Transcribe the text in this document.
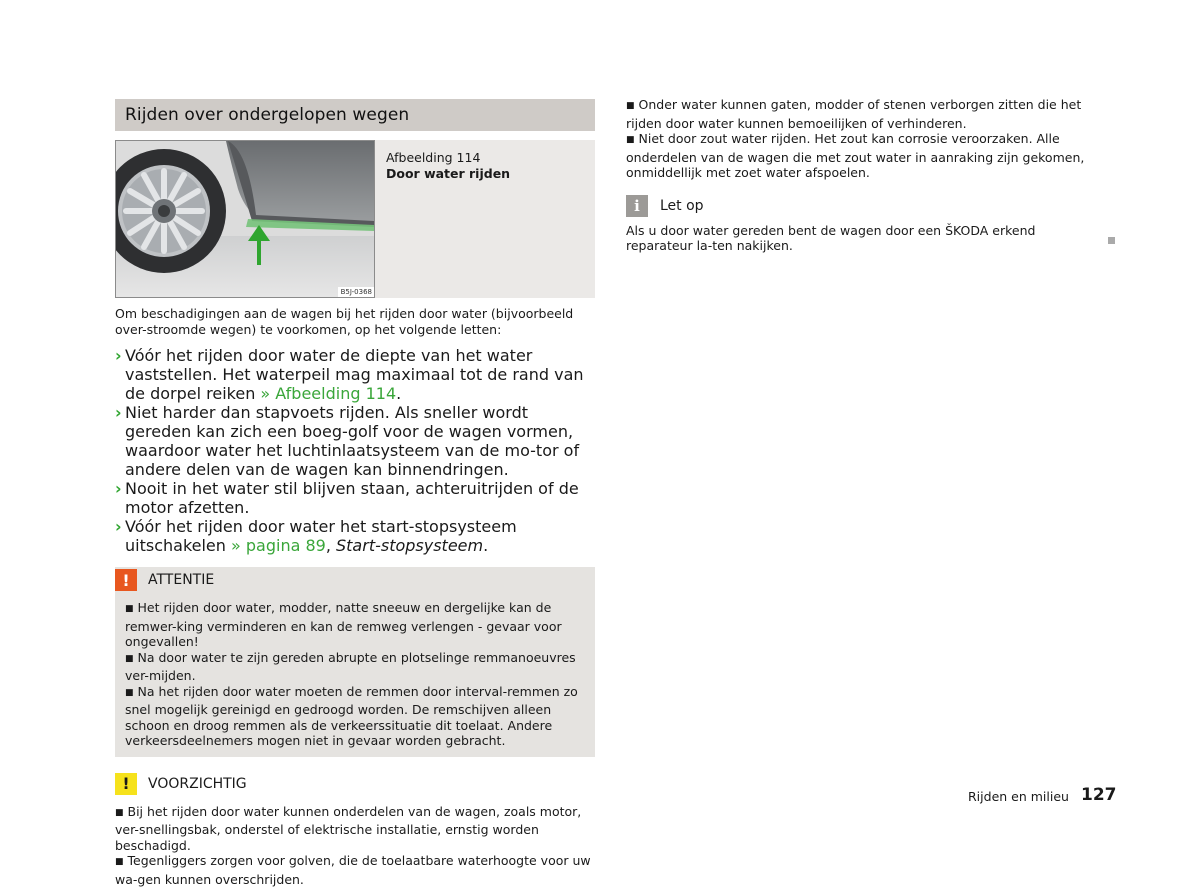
Rijden over ondergelopen wegen
B5J-0368
Afbeelding 114
Door water rijden

Om beschadigingen aan de wagen bij het rijden door water (bijvoorbeeld over-stroomde wegen) te voorkomen, op het volgende letten:

› Vóór het rijden door water de diepte van het water vaststellen. Het waterpeil mag maximaal tot de rand van de dorpel reiken » Afbeelding 114.
› Niet harder dan stapvoets rijden. Als sneller wordt gereden kan zich een boeg-golf voor de wagen vormen, waardoor water het luchtinlaatsysteem van de mo-tor of andere delen van de wagen kan binnendringen.
› Nooit in het water stil blijven staan, achteruitrijden of de motor afzetten.
› Vóór het rijden door water het start-stopsysteem uitschakelen » pagina 89, Start-stopsysteem.
!	ATTENTIE
■ Het rijden door water, modder, natte sneeuw en dergelijke kan de remwer-king verminderen en kan de remweg verlengen - gevaar voor ongevallen!
■ Na door water te zijn gereden abrupte en plotselinge remmanoeuvres ver-mijden.
■ Na het rijden door water moeten de remmen door interval-remmen zo snel mogelijk gereinigd en gedroogd worden. De remschijven alleen schoon en droog remmen als de verkeerssituatie dit toelaat. Andere verkeersdeelnemers mogen niet in gevaar worden gebracht.
!	VOORZICHTIG
■ Bij het rijden door water kunnen onderdelen van de wagen, zoals motor, ver-snellingsbak, onderstel of elektrische installatie, ernstig worden beschadigd.
■ Tegenliggers zorgen voor golven, die de toelaatbare waterhoogte voor uw wa-gen kunnen overschrijden.
■ Onder water kunnen gaten, modder of stenen verborgen zitten die het rijden door water kunnen bemoeilijken of verhinderen.
■ Niet door zout water rijden. Het zout kan corrosie veroorzaken. Alle onderdelen van de wagen die met zout water in aanraking zijn gekomen, onmiddellijk met zoet water afspoelen.
i	Let op

Als u door water gereden bent de wagen door een ŠKODA erkend reparateur la-ten nakijken.

Rijden en milieu 127
